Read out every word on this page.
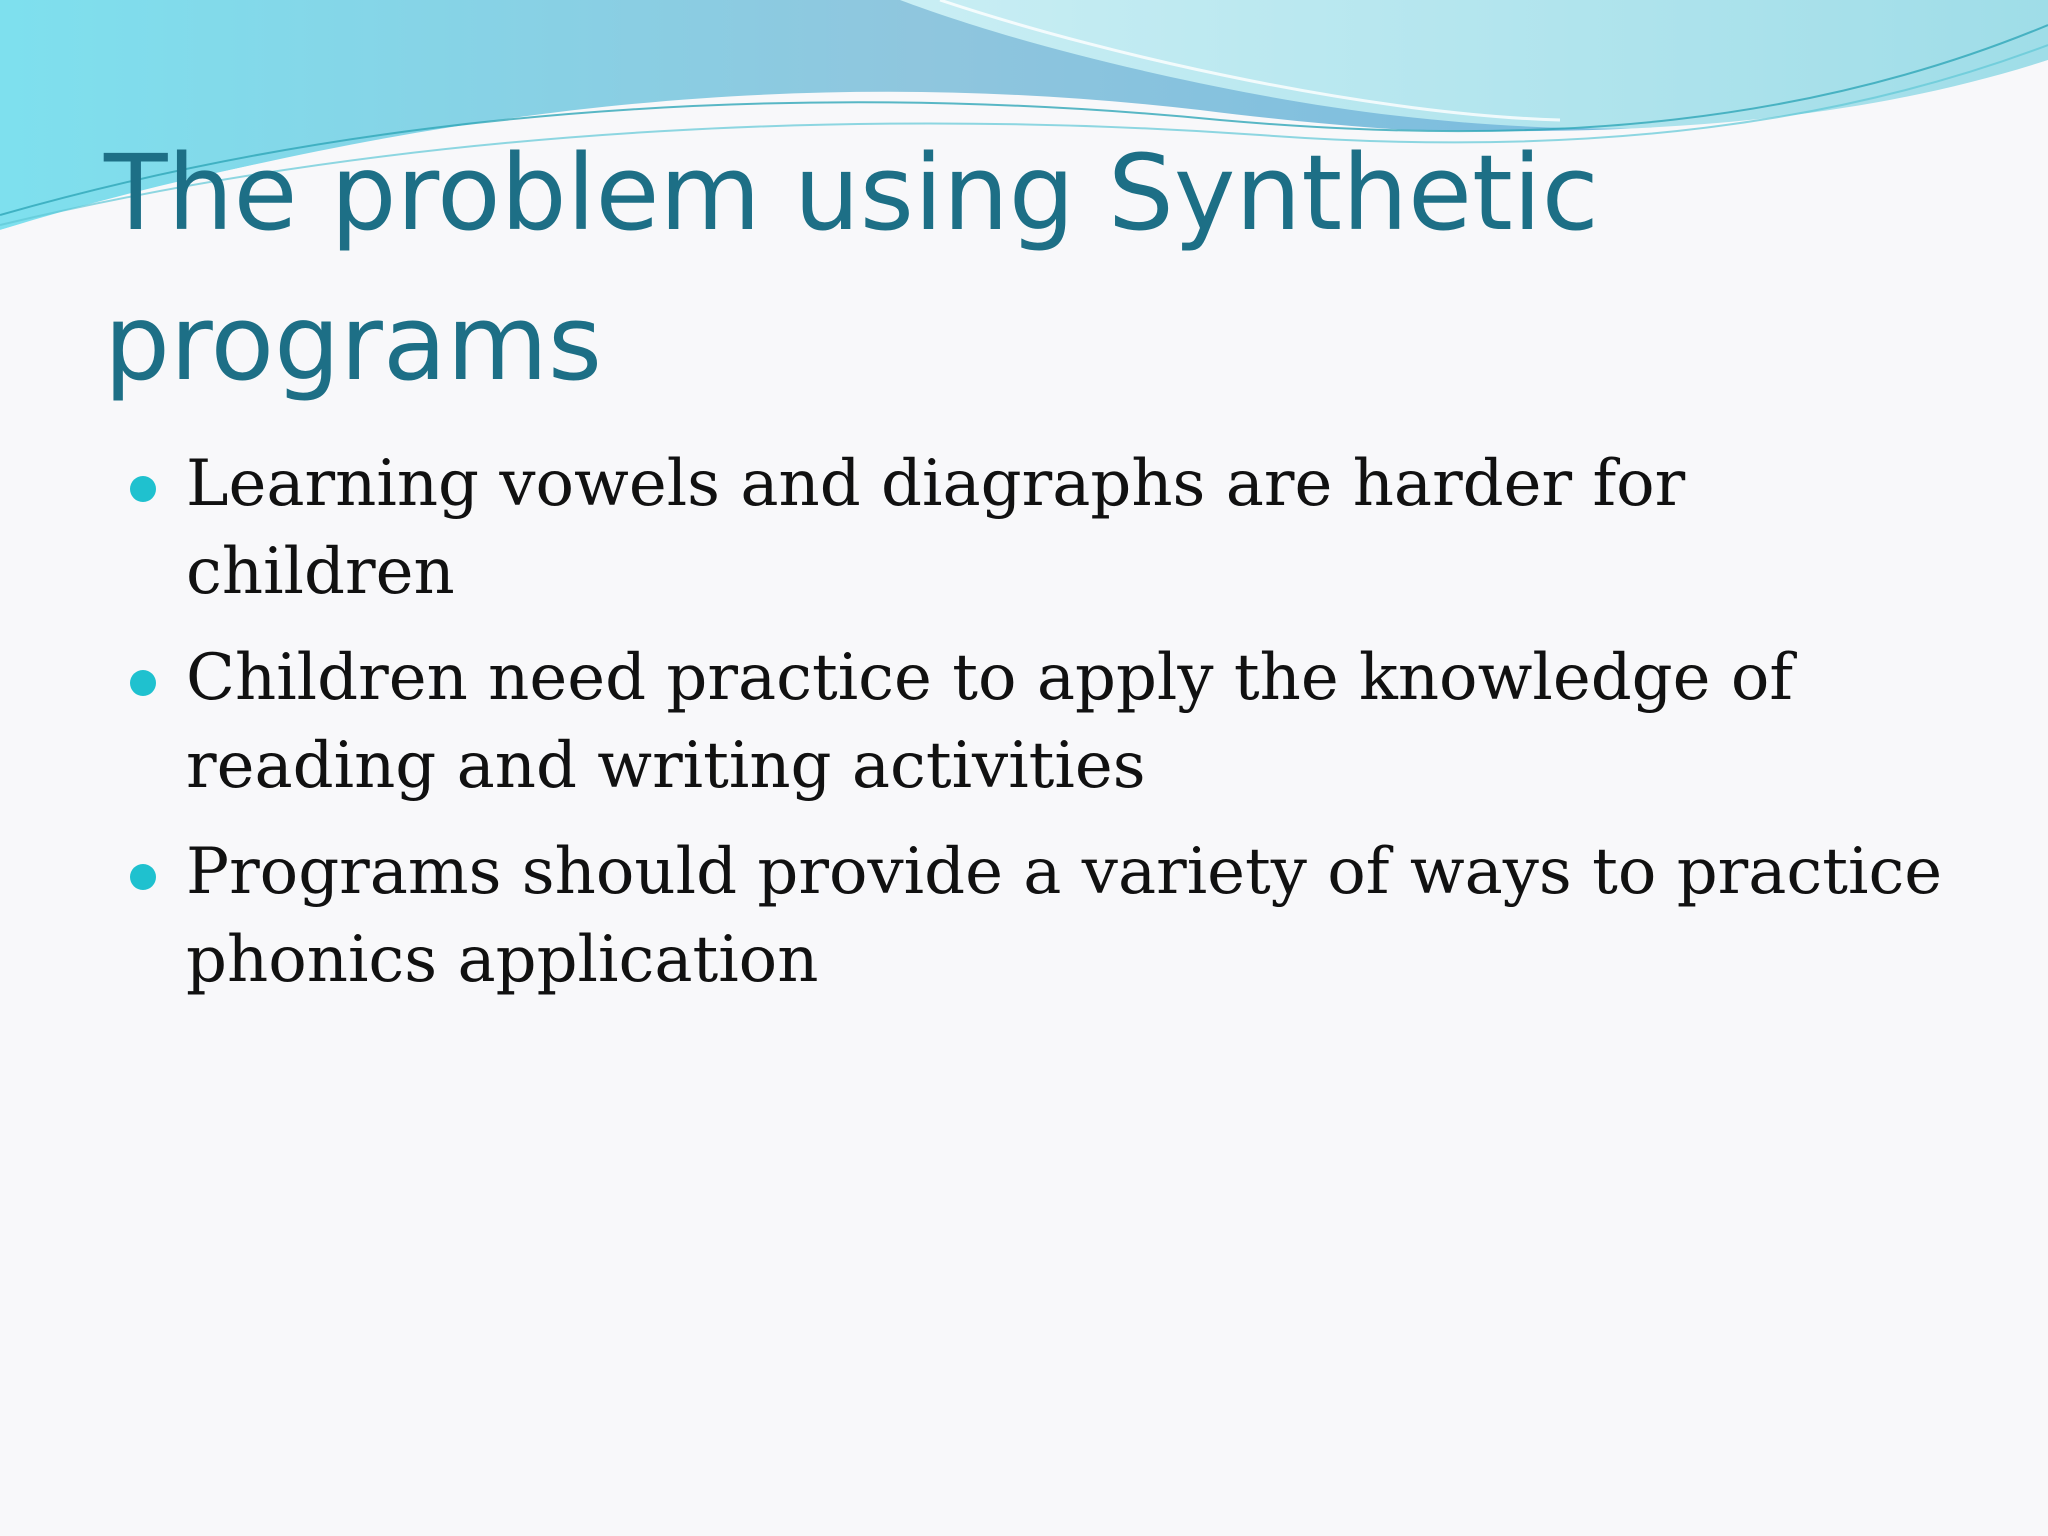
The problem using Synthetic programs
Learning vowels and diagraphs are harder for children
Children need practice to apply the knowledge of reading and writing activities
Programs should provide a variety of ways to practice phonics application
